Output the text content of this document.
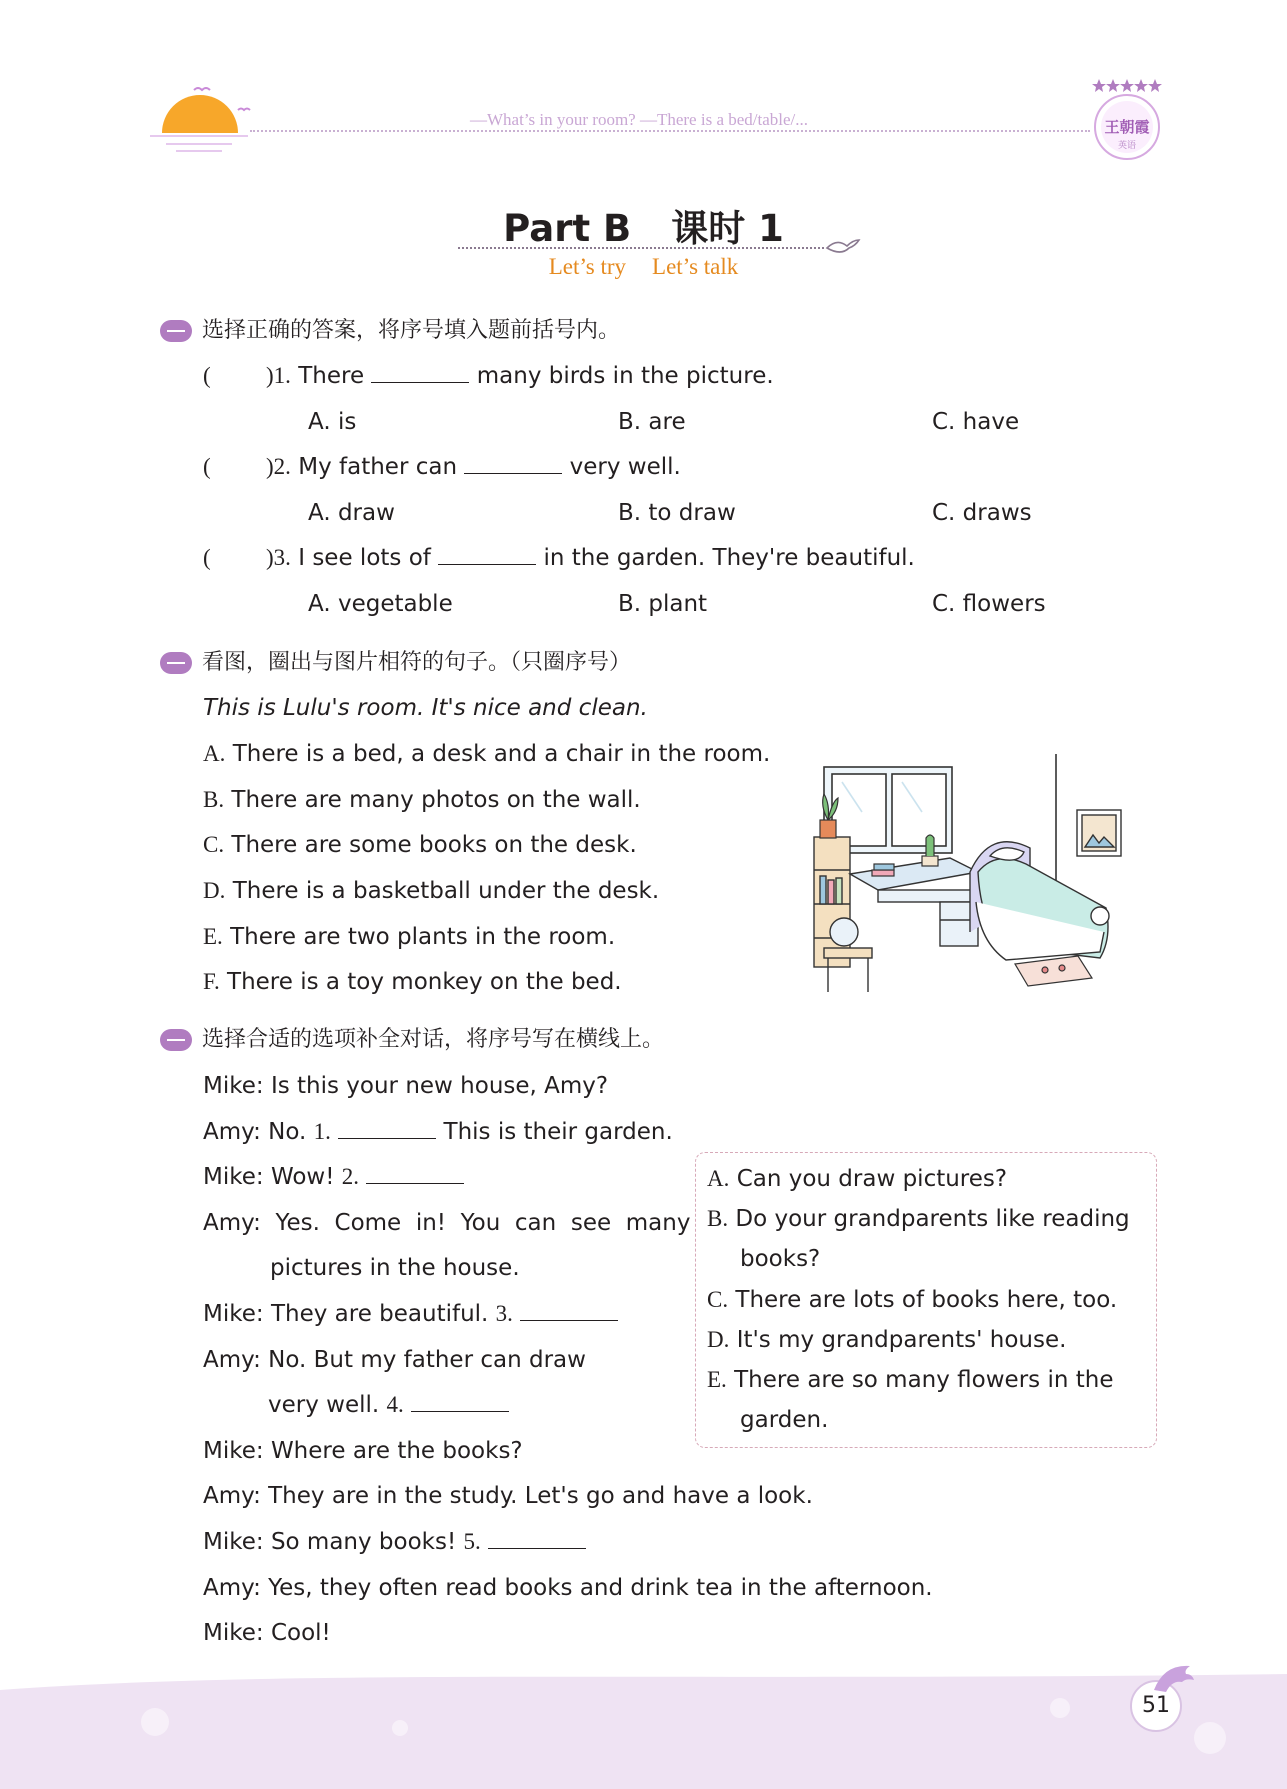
—What’s in your room? —There is a bed/table/...	王朝霞
英语
Part B 课时 1
Let’s try Let’s talk
选择正确的答案，将序号填入题前括号内。
( )1. There	many birds in the picture.
A. is	B. are	C. have
( )2. My father can	very well.
A. draw	B. to draw	C. draws
( )3. I see lots of	in the garden. They're beautiful.
A. vegetable	B. plant	C. flowers
看图，圈出与图片相符的句子。（只圈序号）
This is Lulu's room. It's nice and clean.
A. There is a bed, a desk and a chair in the room.
B. There are many photos on the wall.
C. There are some books on the desk.
D. There is a basketball under the desk.
E. There are two plants in the room.
F. There is a toy monkey on the bed.
选择合适的选项补全对话，将序号写在横线上。
Mike: Is this your new house, Amy?
Amy: No. 1.	This is their garden.
Mike: Wow! 2.
Amy:  Yes.  Come  in!  You  can  see  many
pictures in the house.
Mike: They are beautiful. 3.
Amy: No. But my father can draw
very well. 4.
Mike: Where are the books?
Amy: They are in the study. Let's go and have a look.
Mike: So many books! 5.
Amy: Yes, they often read books and drink tea in the afternoon.
Mike: Cool!
A. Can you draw pictures?
B. Do your grandparents like reading
books?
C. There are lots of books here, too.
D. It's my grandparents' house.
E. There are so many flowers in the
garden.
51
